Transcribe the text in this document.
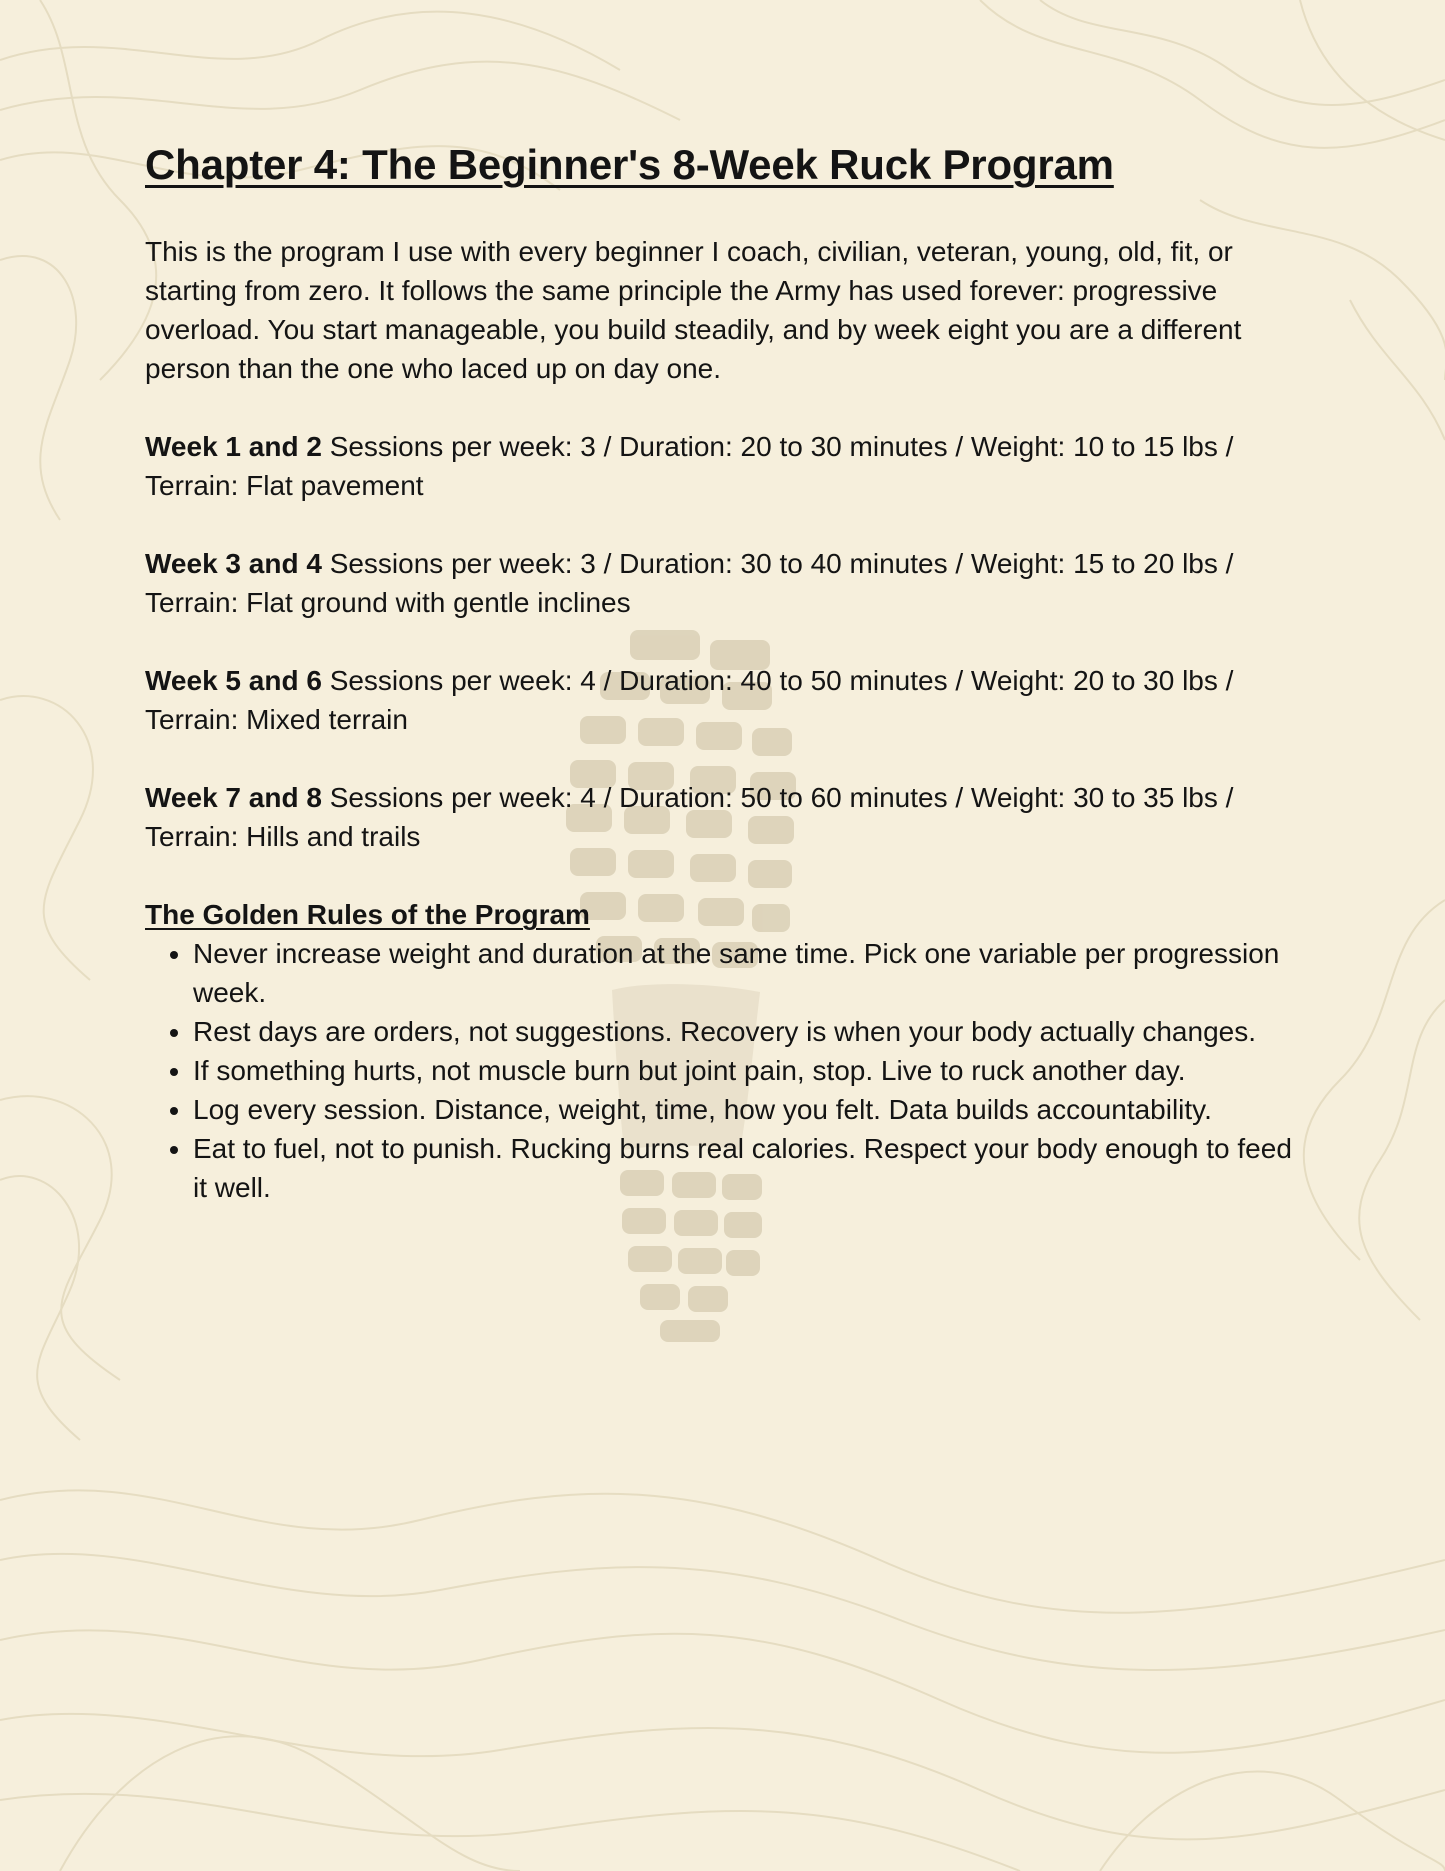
Chapter 4: The Beginner's 8-Week Ruck Program

This is the program I use with every beginner I coach, civilian, veteran, young, old, fit, or starting from zero. It follows the same principle the Army has used forever: progressive overload. You start manageable, you build steadily, and by week eight you are a different person than the one who laced up on day one.

Week 1 and 2 Sessions per week: 3 / Duration: 20 to 30 minutes / Weight: 10 to 15 lbs / Terrain: Flat pavement

Week 3 and 4 Sessions per week: 3 / Duration: 30 to 40 minutes / Weight: 15 to 20 lbs / Terrain: Flat ground with gentle inclines

Week 5 and 6 Sessions per week: 4 / Duration: 40 to 50 minutes / Weight: 20 to 30 lbs / Terrain: Mixed terrain

Week 7 and 8 Sessions per week: 4 / Duration: 50 to 60 minutes / Weight: 30 to 35 lbs / Terrain: Hills and trails

The Golden Rules of the Program
• Never increase weight and duration at the same time. Pick one variable per progression week.
• Rest days are orders, not suggestions. Recovery is when your body actually changes.
• If something hurts, not muscle burn but joint pain, stop. Live to ruck another day.
• Log every session. Distance, weight, time, how you felt. Data builds accountability.
• Eat to fuel, not to punish. Rucking burns real calories. Respect your body enough to feed it well.
